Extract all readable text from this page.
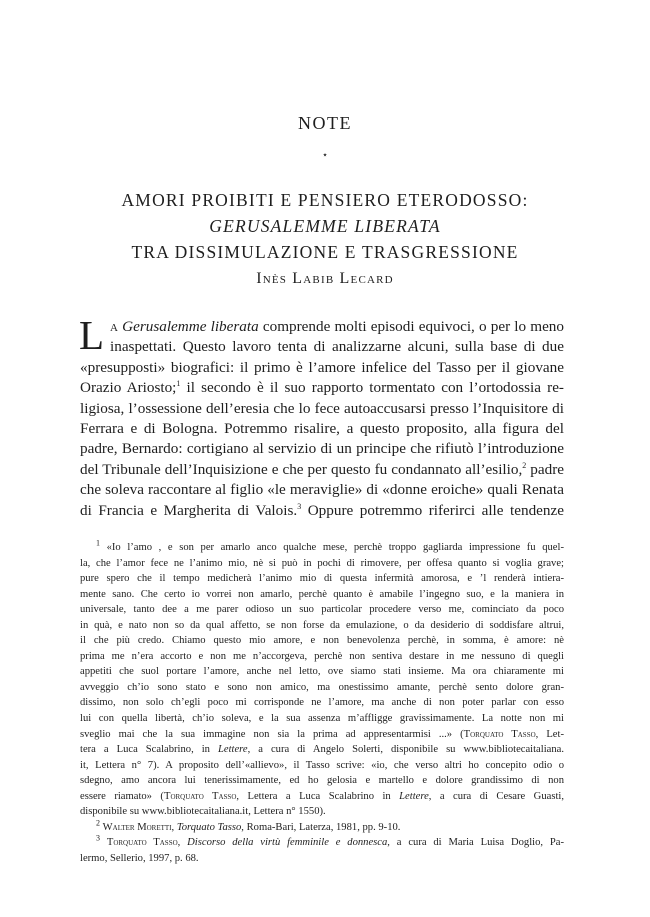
NOTE
⋆
AMORI PROIBITI E PENSIERO ETERODOSSO:
GERUSALEMME LIBERATA
TRA DISSIMULAZIONE E TRASGRESSIONE
Inès Labib Lecard
L a Gerusalemme liberata comprende molti episodi equivoci, o per lo meno
inaspettati. Questo lavoro tenta di analizzarne alcuni, sulla base di due
«presupposti» biografici: il primo è l’amore infelice del Tasso per il giovane
Orazio Ariosto;$^1$ il secondo è il suo rapporto tormentato con l’ortodossia re-
ligiosa, l’ossessione dell’eresia che lo fece autoaccusarsi presso l’Inquisitore di
Ferrara e di Bologna. Potremmo risalire, a questo proposito, alla figura del
padre, Bernardo: cortigiano al servizio di un principe che rifiutò l’introduzione
del Tribunale dell’Inquisizione e che per questo fu condannato all’esilio,$^2$ padre
che soleva raccontare al figlio «le meraviglie» di «donne eroiche» quali Renata
di Francia e Margherita di Valois.$^3$ Oppure potremmo riferirci alle tendenze
$^1$ «Io l’amo , e son per amarlo anco qualche mese, perchè troppo gagliarda impressione fu quel-
la, che l’amor fece ne l’animo mio, nè si può in pochi di rimovere, per offesa quanto si voglia grave;
pure spero che il tempo medicherà l’animo mio di questa infermità amorosa, e ’l renderà intiera-
mente sano. Che certo io vorrei non amarlo, perchè quanto è amabile l’ingegno suo, e la maniera in
universale, tanto dee a me parer odioso un suo particolar procedere verso me, cominciato da poco
in quà, e nato non so da qual affetto, se non forse da emulazione, o da desiderio di soddisfare altrui,
il che più credo. Chiamo questo mio amore, e non benevolenza perchè, in somma, è amore: nè
prima me n’era accorto e non me n’accorgeva, perchè non sentiva destare in me nessuno di quegli
appetiti che suol portare l’amore, anche nel letto, ove siamo stati insieme. Ma ora chiaramente mi
avveggio ch’io sono stato e sono non amico, ma onestissimo amante, perchè sento dolore gran-
dissimo, non solo ch’egli poco mi corrisponde ne l’amore, ma anche di non poter parlar con esso
lui con quella libertà, ch’io soleva, e la sua assenza m’affligge gravissimamente. La notte non mi
sveglio mai che la sua immagine non sia la prima ad appresentarmisi ...» (Torquato Tasso, Let-
tera a Luca Scalabrino, in Lettere, a cura di Angelo Solerti, disponibile su www.bibliotecaitaliana.
it, Lettera n° 7). A proposito dell’«allievo», il Tasso scrive: «io, che verso altri ho concepito odio o
sdegno, amo ancora lui tenerissimamente, ed ho gelosia e martello e dolore grandissimo di non
essere riamato» (Torquato Tasso, Lettera a Luca Scalabrino in Lettere, a cura di Cesare Guasti,
disponibile su www.bibliotecaitaliana.it, Lettera n° 1550).
$^2$ Walter Moretti, Torquato Tasso, Roma-Bari, Laterza, 1981, pp. 9-10.
$^3$ Torquato Tasso, Discorso della virtù femminile e donnesca, a cura di Maria Luisa Doglio, Pa-
lermo, Sellerio, 1997, p. 68.
